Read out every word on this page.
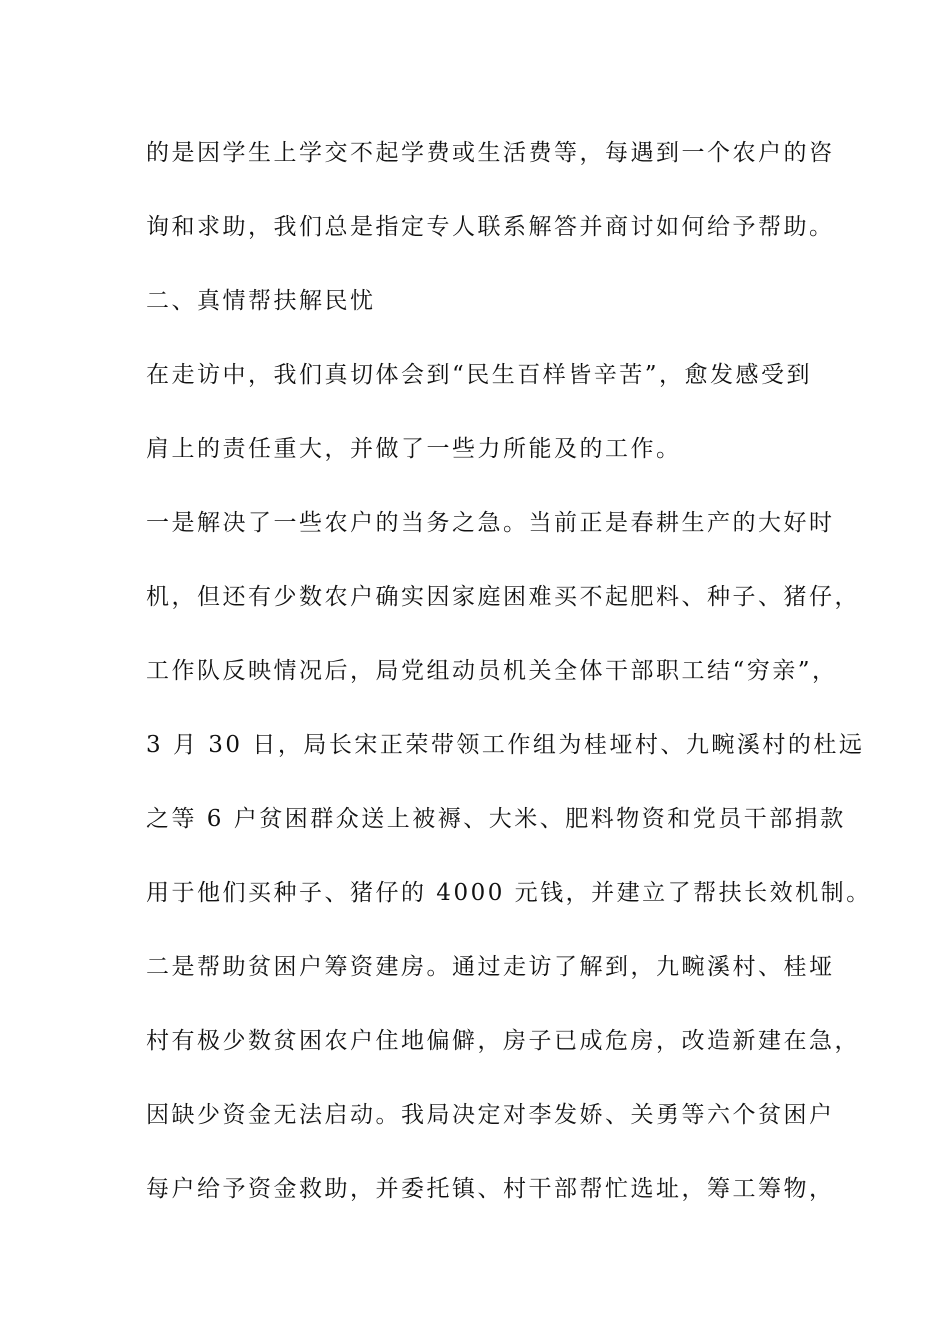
的是因学生上学交不起学费或生活费等，每遇到一个农户的咨
询和求助，我们总是指定专人联系解答并商讨如何给予帮助。
二、真情帮扶解民忧
在走访中，我们真切体会到“民生百样皆辛苦”，愈发感受到
肩上的责任重大，并做了一些力所能及的工作。
一是解决了一些农户的当务之急。当前正是春耕生产的大好时
机，但还有少数农户确实因家庭困难买不起肥料、种子、猪仔，
工作队反映情况后，局党组动员机关全体干部职工结“穷亲”，
3 月 30 日，局长宋正荣带领工作组为桂垭村、九畹溪村的杜远
之等 6 户贫困群众送上被褥、大米、肥料物资和党员干部捐款
用于他们买种子、猪仔的 4000 元钱，并建立了帮扶长效机制。
二是帮助贫困户筹资建房。通过走访了解到，九畹溪村、桂垭
村有极少数贫困农户住地偏僻，房子已成危房，改造新建在急，
因缺少资金无法启动。我局决定对李发娇、关勇等六个贫困户
每户给予资金救助，并委托镇、村干部帮忙选址，筹工筹物，
